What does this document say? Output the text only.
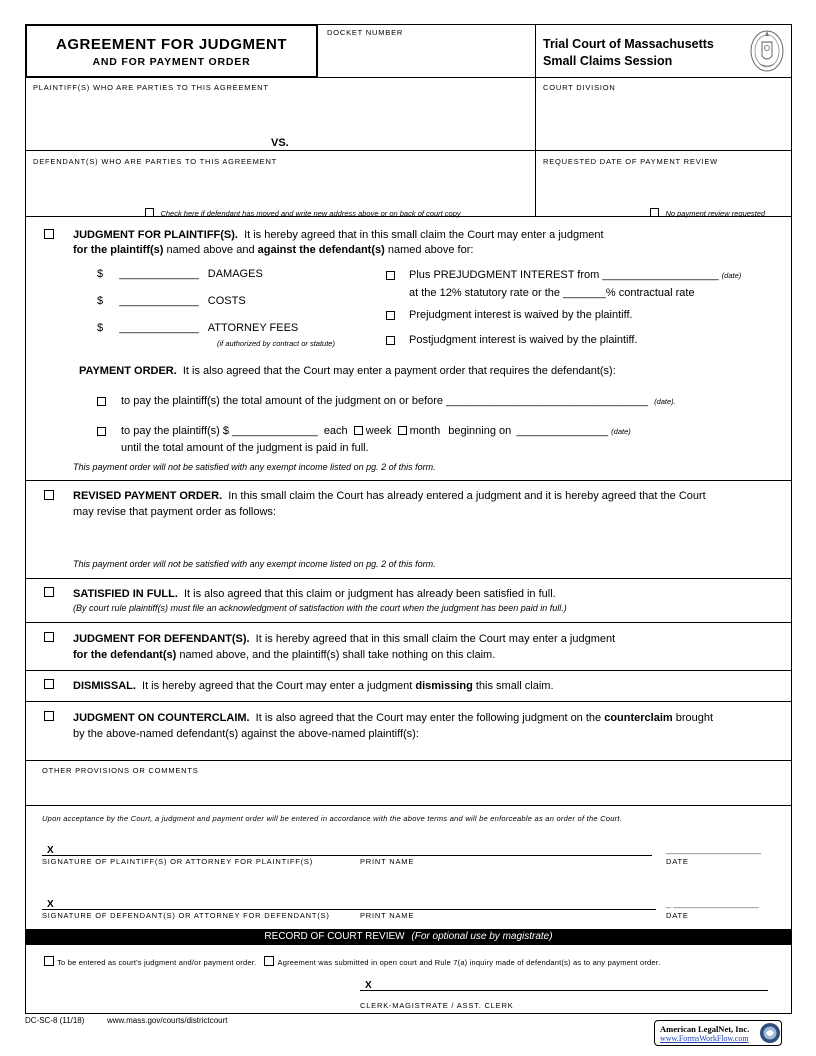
AGREEMENT FOR JUDGMENT
AND FOR PAYMENT ORDER
DOCKET NUMBER
Trial Court of Massachusetts
Small Claims Session
PLAINTIFF(S) WHO ARE PARTIES TO THIS AGREEMENT	COURT DIVISION
VS.
DEFENDANT(S) WHO ARE PARTIES TO THIS AGREEMENT	REQUESTED DATE OF PAYMENT REVIEW
Check here if defendant has moved and write new address above or on back of court copy	No payment review requested
JUDGMENT FOR PLAINTIFF(S). It is hereby agreed that in this small claim the Court may enter a judgment
for the plaintiff(s) named above and against the defendant(s) named above for:
$ _____________ DAMAGES
$ _____________ COSTS
$ _____________ ATTORNEY FEES
(if authorized by contract or statute)
Plus PREJUDGMENT INTEREST from ___________________ (date)
at the 12% statutory rate or the _______% contractual rate
Prejudgment interest is waived by the plaintiff.
Postjudgment interest is waived by the plaintiff.
PAYMENT ORDER. It is also agreed that the Court may enter a payment order that requires the defendant(s):
to pay the plaintiff(s) the total amount of the judgment on or before _________________________________ (date).
to pay the plaintiff(s) $ ______________ each week month beginning on _______________ (date)
until the total amount of the judgment is paid in full.
This payment order will not be satisfied with any exempt income listed on pg. 2 of this form.
REVISED PAYMENT ORDER. In this small claim the Court has already entered a judgment and it is hereby agreed that the Court
may revise that payment order as follows:
This payment order will not be satisfied with any exempt income listed on pg. 2 of this form.
SATISFIED IN FULL. It is also agreed that this claim or judgment has already been satisfied in full.
(By court rule plaintiff(s) must file an acknowledgment of satisfaction with the court when the judgment has been paid in full.)
JUDGMENT FOR DEFENDANT(S). It is hereby agreed that in this small claim the Court may enter a judgment
for the defendant(s) named above, and the plaintiff(s) shall take nothing on this claim.
DISMISSAL. It is hereby agreed that the Court may enter a judgment dismissing this small claim.
JUDGMENT ON COUNTERCLAIM. It is also agreed that the Court may enter the following judgment on the counterclaim brought
by the above-named defendant(s) against the above-named plaintiff(s):
OTHER PROVISIONS OR COMMENTS
Upon acceptance by the Court, a judgment and payment order will be entered in accordance with the above terms and will be enforceable as an order of the Court.
X	___________________
SIGNATURE OF PLAINTIFF(S) OR ATTORNEY FOR PLAINTIFF(S)	PRINT NAME	DATE
X	_ _________________
SIGNATURE OF DEFENDANT(S) OR ATTORNEY FOR DEFENDANT(S)	PRINT NAME	DATE
RECORD OF COURT REVIEW (For optional use by magistrate)
To be entered as court's judgment and/or payment order.	Agreement was submitted in open court and Rule 7(a) inquiry made of defendant(s) as to any payment order.
X
CLERK-MAGISTRATE / ASST. CLERK
DC-SC-8 (11/18)	www.mass.gov/courts/districtcourt
American LegalNet, Inc.
www.FormsWorkFlow.com
